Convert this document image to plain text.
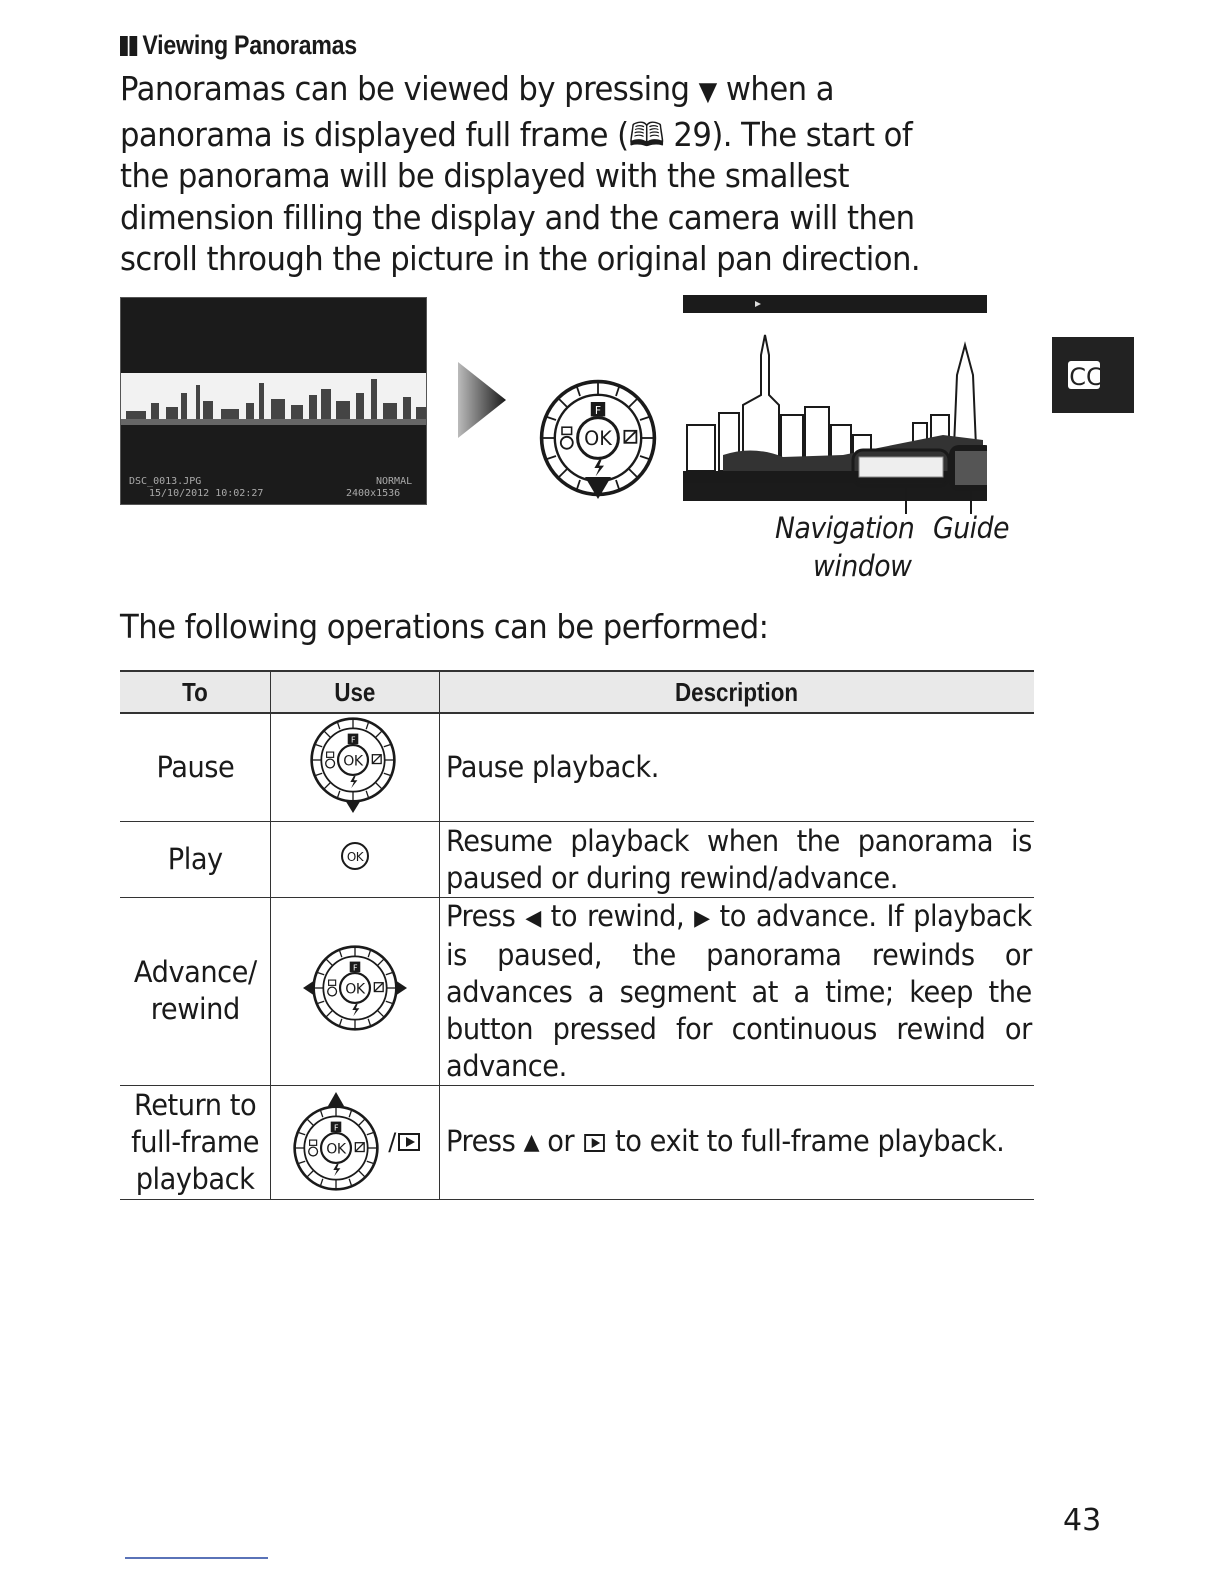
Viewing Panoramas
Panoramas can be viewed by pressing ▼ when a panorama is displayed full frame (🕮 29). The start of the panorama will be displayed with the smallest dimension filling the display and the camera will then scroll through the picture in the original pan direction.
DSC_0013.JPG
15/10/2012 10:02:27
NORMAL
2400x1536
Navigation
window
Guide
CC
The following operations can be performed:
To	Use	Description
Pause		Pause playback.

Play	OK	Resume playback when the panorama is paused or during rewind/advance.

Advance/
rewind		Press ◀ to rewind, ▶ to advance. If playback is paused, the panorama rewinds or advances a segment at a time; keep the button pressed for continuous rewind or advance.

Return to
full-frame
playback	/	Press ▲ or  to exit to full-frame playback.
43
